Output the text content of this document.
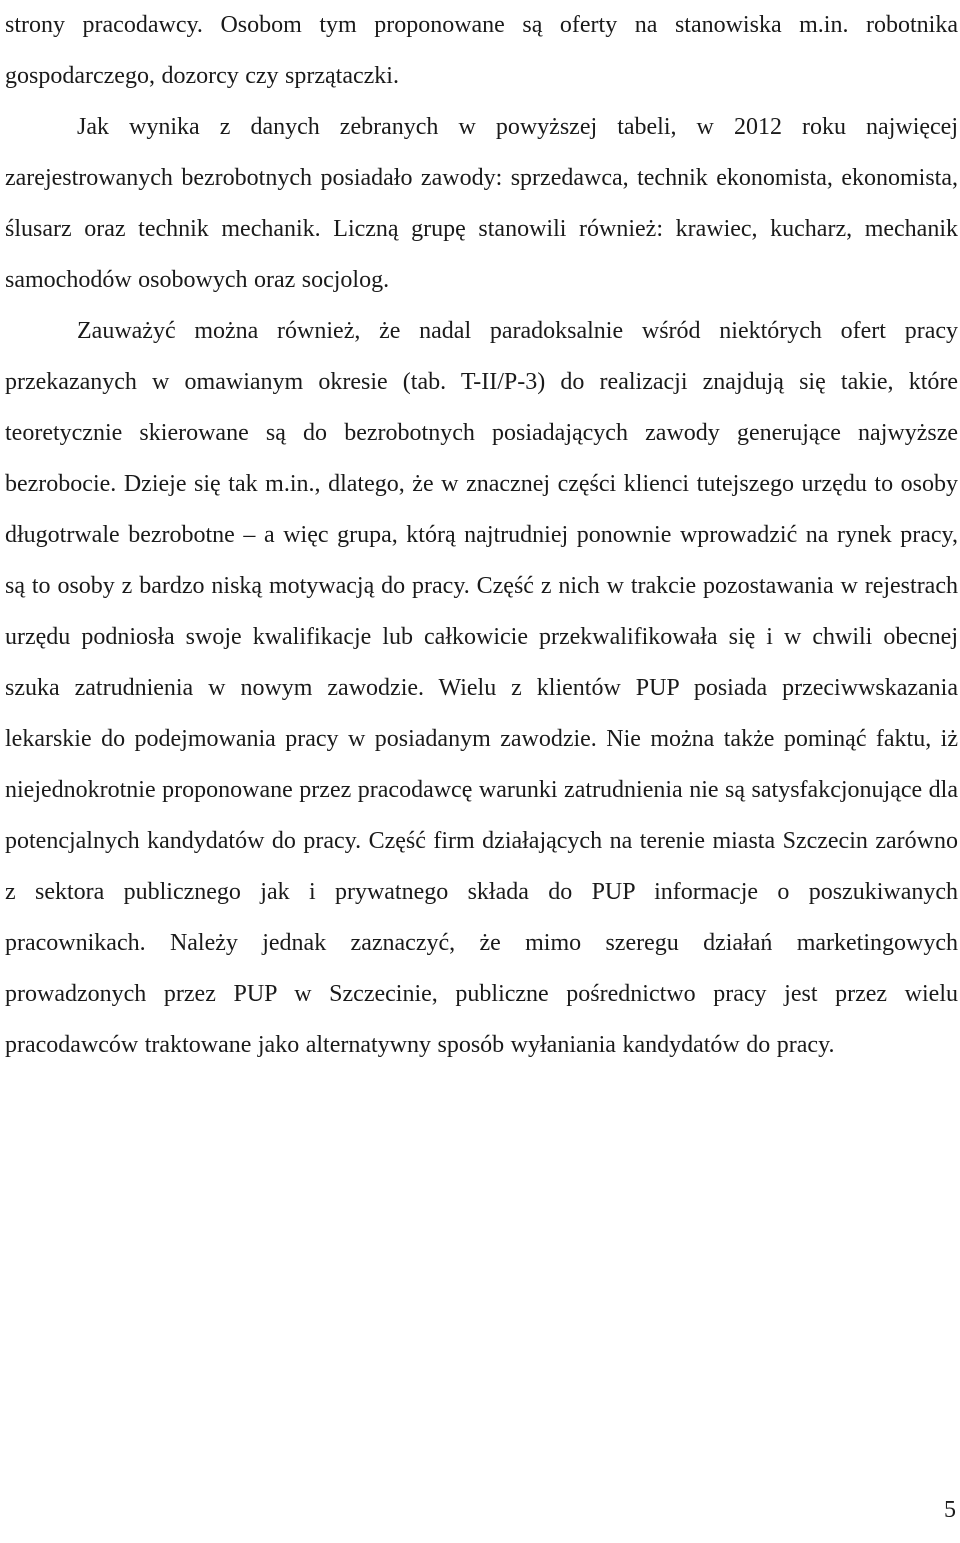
strony pracodawcy. Osobom tym proponowane są oferty na stanowiska m.in. robotnika gospodarczego, dozorcy czy sprzątaczki.

Jak wynika z danych zebranych w powyższej tabeli, w 2012 roku najwięcej zarejestrowanych bezrobotnych posiadało zawody: sprzedawca, technik ekonomista, ekonomista, ślusarz oraz technik mechanik. Liczną grupę stanowili również: krawiec, kucharz, mechanik samochodów osobowych oraz socjolog.

Zauważyć można również, że nadal paradoksalnie wśród niektórych ofert pracy przekazanych w omawianym okresie (tab. T-II/P-3) do realizacji znajdują się takie, które teoretycznie skierowane są do bezrobotnych posiadających zawody generujące najwyższe bezrobocie. Dzieje się tak m.in., dlatego, że w znacznej części klienci tutejszego urzędu to osoby długotrwale bezrobotne – a więc grupa, którą najtrudniej ponownie wprowadzić na rynek pracy, są to osoby z bardzo niską motywacją do pracy. Część z nich w trakcie pozostawania w rejestrach urzędu podniosła swoje kwalifikacje lub całkowicie przekwalifikowała się i w chwili obecnej szuka zatrudnienia w nowym zawodzie. Wielu z klientów PUP posiada przeciwwskazania lekarskie do podejmowania pracy w posiadanym zawodzie. Nie można także pominąć faktu, iż niejednokrotnie proponowane przez pracodawcę warunki zatrudnienia nie są satysfakcjonujące dla potencjalnych kandydatów do pracy. Część firm działających na terenie miasta Szczecin zarówno z sektora publicznego jak i prywatnego składa do PUP informacje o poszukiwanych pracownikach. Należy jednak zaznaczyć, że mimo szeregu działań marketingowych prowadzonych przez PUP w Szczecinie, publiczne pośrednictwo pracy jest przez wielu pracodawców traktowane jako alternatywny sposób wyłaniania kandydatów do pracy.

5
